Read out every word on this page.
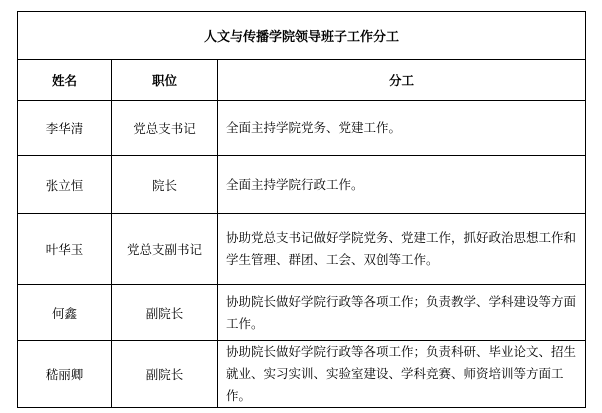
人文与传播学院领导班子工作分工		
姓名	职位	分工
李华清	党总支书记	全面主持学院党务、党建工作。
张立恒	院长	全面主持学院行政工作。
叶华玉	党总支副书记	协助党总支书记做好学院党务、党建工作，抓好政治思想工作和学生管理、群团、工会、双创等工作。
何鑫	副院长	协助院长做好学院行政等各项工作；负责教学、学科建设等方面工作。
嵇丽卿	副院长	协助院长做好学院行政等各项工作；负责科研、毕业论文、招生就业、实习实训、实验室建设、学科竞赛、师资培训等方面工作。
